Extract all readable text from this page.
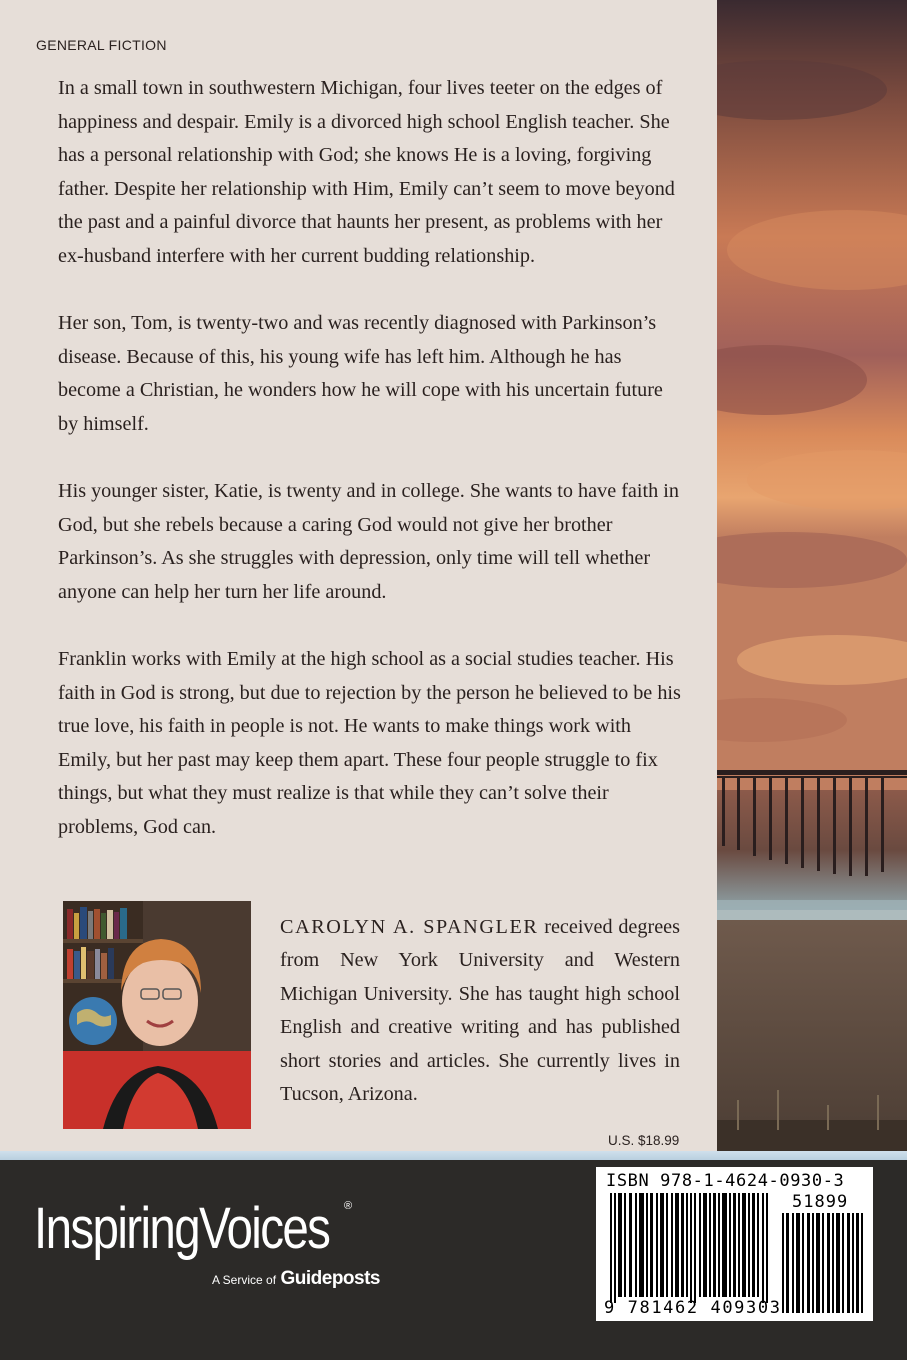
GENERAL FICTION

In a small town in southwestern Michigan, four lives teeter on the edges of happiness and despair. Emily is a divorced high school English teacher. She has a personal relationship with God; she knows He is a loving, forgiving father. Despite her relationship with Him, Emily can’t seem to move beyond the past and a painful divorce that haunts her present, as problems with her ex-husband interfere with her current budding relationship.

Her son, Tom, is twenty-two and was recently diagnosed with Parkinson’s disease. Because of this, his young wife has left him. Although he has become a Christian, he wonders how he will cope with his uncertain future by himself.

His younger sister, Katie, is twenty and in college. She wants to have faith in God, but she rebels because a caring God would not give her brother Parkinson’s. As she struggles with depression, only time will tell whether anyone can help her turn her life around.

Franklin works with Emily at the high school as a social studies teacher. His faith in God is strong, but due to rejection by the person he believed to be his true love, his faith in people is not. He wants to make things work with Emily, but her past may keep them apart. These four people struggle to fix things, but what they must realize is that while they can’t solve their problems, God can.

CAROLYN A. SPANGLER received degrees from New York University and Western Michigan University. She has taught high school English and creative writing and has published short stories and articles. She currently lives in Tucson, Arizona.
U.S. $18.99
InspiringVoices ®
A Service of Guideposts
ISBN 978-1-4624-0930-3
51899
9 781462 409303
